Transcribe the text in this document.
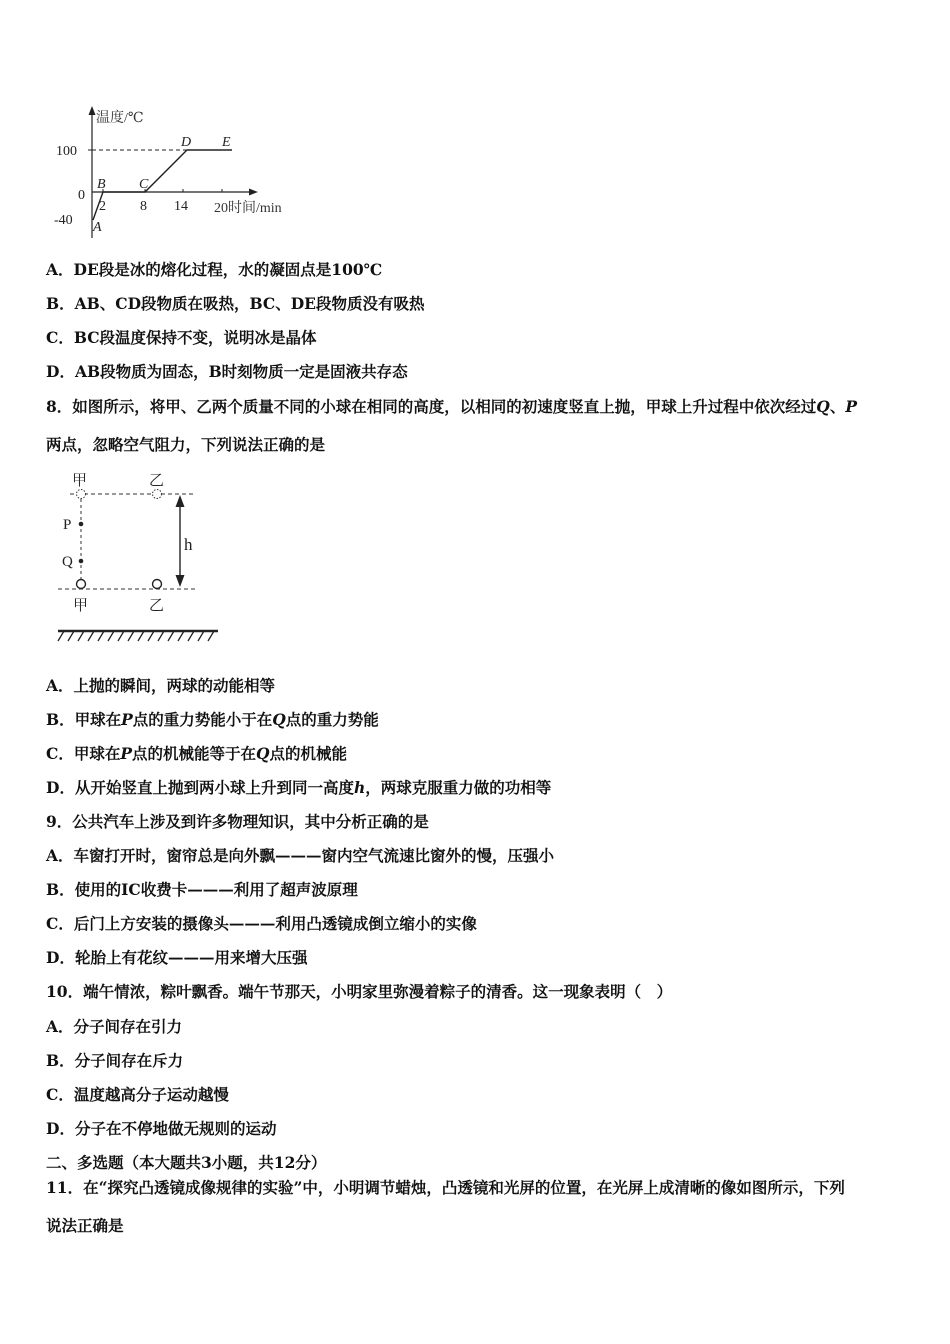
温度/℃
100
0
-40
2 8 14 20时间/min
A
B C
D E
A．DE段是冰的熔化过程，水的凝固点是100℃
B．AB、CD段物质在吸热，BC、DE段物质没有吸热
C．BC段温度保持不变，说明冰是晶体
D．AB段物质为固态，B时刻物质一定是固液共存态
8．如图所示，将甲、乙两个质量不同的小球在相同的高度，以相同的初速度竖直上抛，甲球上升过程中依次经过Q、P
两点，忽略空气阻力，下列说法正确的是
甲	乙
P
Q
h
甲	乙
A．上抛的瞬间，两球的动能相等
B．甲球在P点的重力势能小于在Q点的重力势能
C．甲球在P点的机械能等于在Q点的机械能
D．从开始竖直上抛到两小球上升到同一高度h，两球克服重力做的功相等
9．公共汽车上涉及到许多物理知识，其中分析正确的是
A．车窗打开时，窗帘总是向外飘———窗内空气流速比窗外的慢，压强小
B．使用的IC收费卡———利用了超声波原理
C．后门上方安装的摄像头———利用凸透镜成倒立缩小的实像
D．轮胎上有花纹———用来增大压强
10．端午情浓，粽叶飘香。端午节那天，小明家里弥漫着粽子的清香。这一现象表明（　）
A．分子间存在引力
B．分子间存在斥力
C．温度越高分子运动越慢
D．分子在不停地做无规则的运动
二、多选题（本大题共3小题，共12分）
11．在“探究凸透镜成像规律的实验”中，小明调节蜡烛，凸透镜和光屏的位置，在光屏上成清晰的像如图所示，下列
说法正确是
